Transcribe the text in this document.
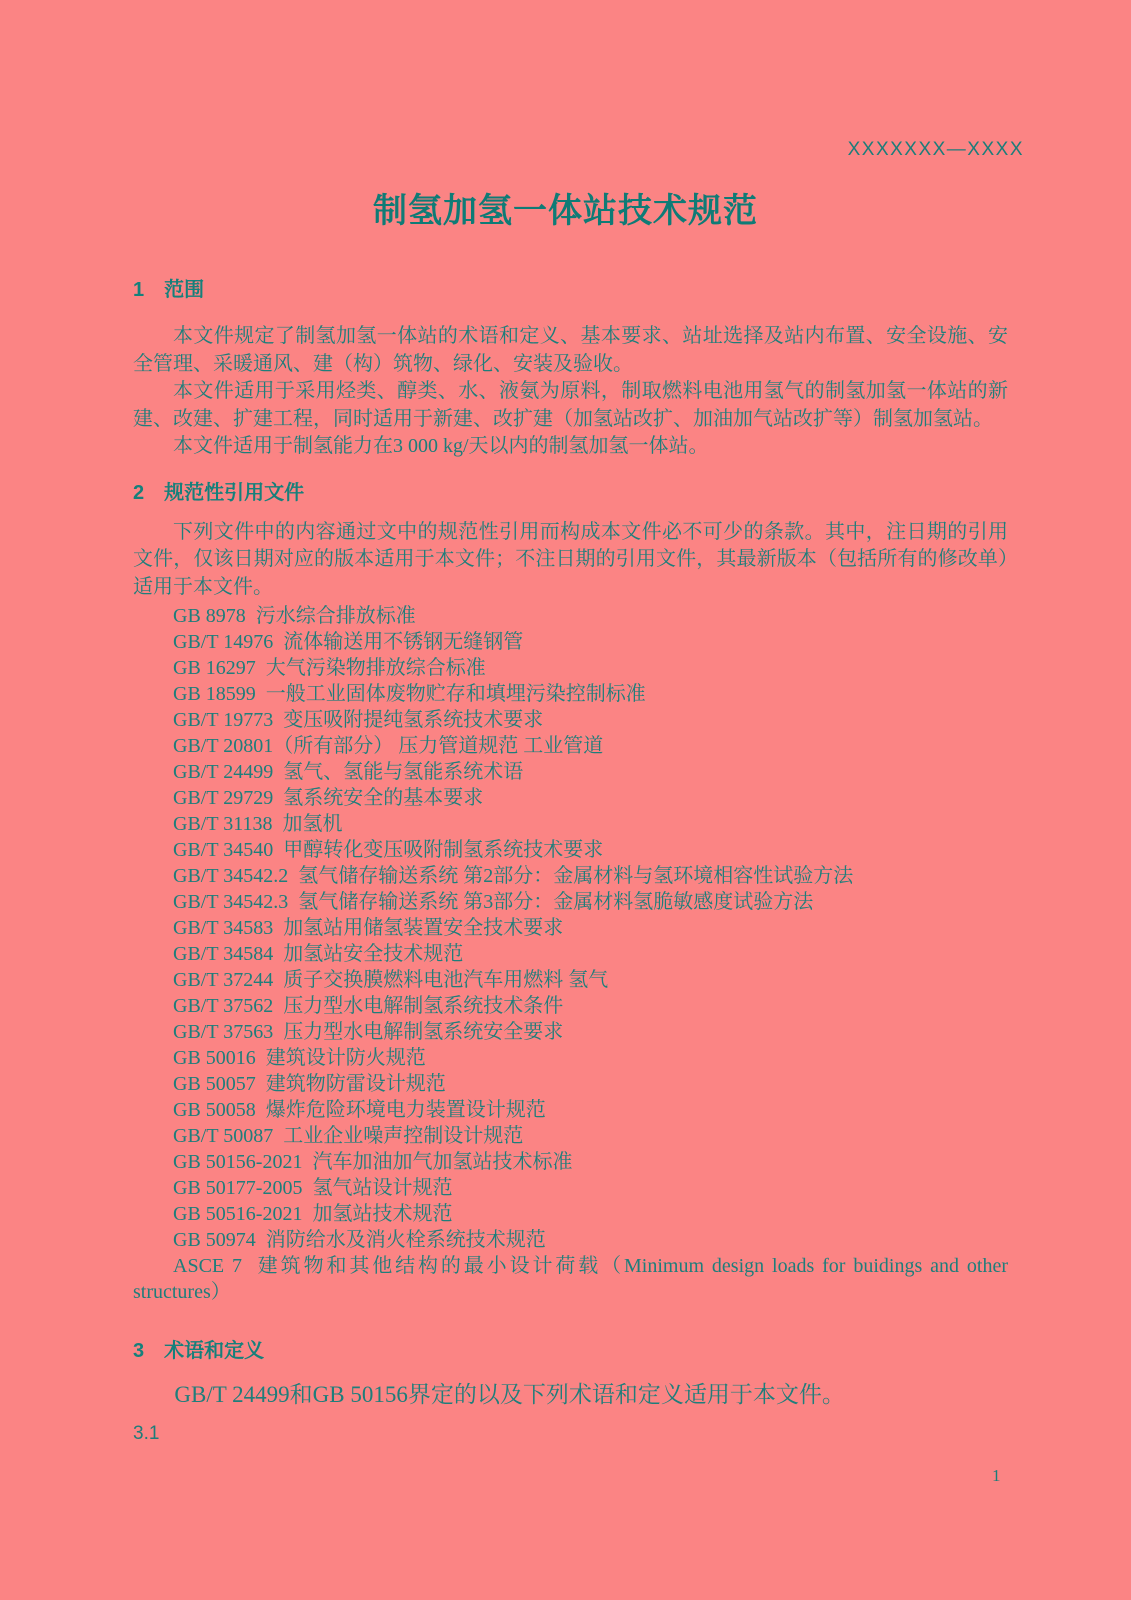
XXXXXXX—XXXX
制氢加氢一体站技术规范
1 范围

本文件规定了制氢加氢一体站的术语和定义、基本要求、站址选择及站内布置、安全设施、安全管理、采暖通风、建（构）筑物、绿化、安装及验收。

本文件适用于采用烃类、醇类、水、液氨为原料，制取燃料电池用氢气的制氢加氢一体站的新建、改建、扩建工程，同时适用于新建、改扩建（加氢站改扩、加油加气站改扩等）制氢加氢站。

本文件适用于制氢能力在3 000 kg/天以内的制氢加氢一体站。

2 规范性引用文件

下列文件中的内容通过文中的规范性引用而构成本文件必不可少的条款。其中，注日期的引用文件，仅该日期对应的版本适用于本文件；不注日期的引用文件，其最新版本（包括所有的修改单）适用于本文件。

GB 8978  污水综合排放标准

GB/T 14976  流体输送用不锈钢无缝钢管

GB 16297  大气污染物排放综合标准

GB 18599  一般工业固体废物贮存和填埋污染控制标准

GB/T 19773  变压吸附提纯氢系统技术要求

GB/T 20801（所有部分） 压力管道规范 工业管道

GB/T 24499  氢气、氢能与氢能系统术语

GB/T 29729  氢系统安全的基本要求

GB/T 31138  加氢机

GB/T 34540  甲醇转化变压吸附制氢系统技术要求

GB/T 34542.2  氢气储存输送系统 第2部分：金属材料与氢环境相容性试验方法

GB/T 34542.3  氢气储存输送系统 第3部分：金属材料氢脆敏感度试验方法

GB/T 34583  加氢站用储氢装置安全技术要求

GB/T 34584  加氢站安全技术规范

GB/T 37244  质子交换膜燃料电池汽车用燃料 氢气

GB/T 37562  压力型水电解制氢系统技术条件

GB/T 37563  压力型水电解制氢系统安全要求

GB 50016  建筑设计防火规范

GB 50057  建筑物防雷设计规范

GB 50058  爆炸危险环境电力装置设计规范

GB/T 50087  工业企业噪声控制设计规范

GB 50156-2021  汽车加油加气加氢站技术标准

GB 50177-2005  氢气站设计规范

GB 50516-2021  加氢站技术规范

GB 50974  消防给水及消火栓系统技术规范

ASCE 7  建筑物和其他结构的最小设计荷载（Minimum design loads for buidings and other structures）

3 术语和定义

GB/T 24499和GB 50156界定的以及下列术语和定义适用于本文件。

3.1
1
